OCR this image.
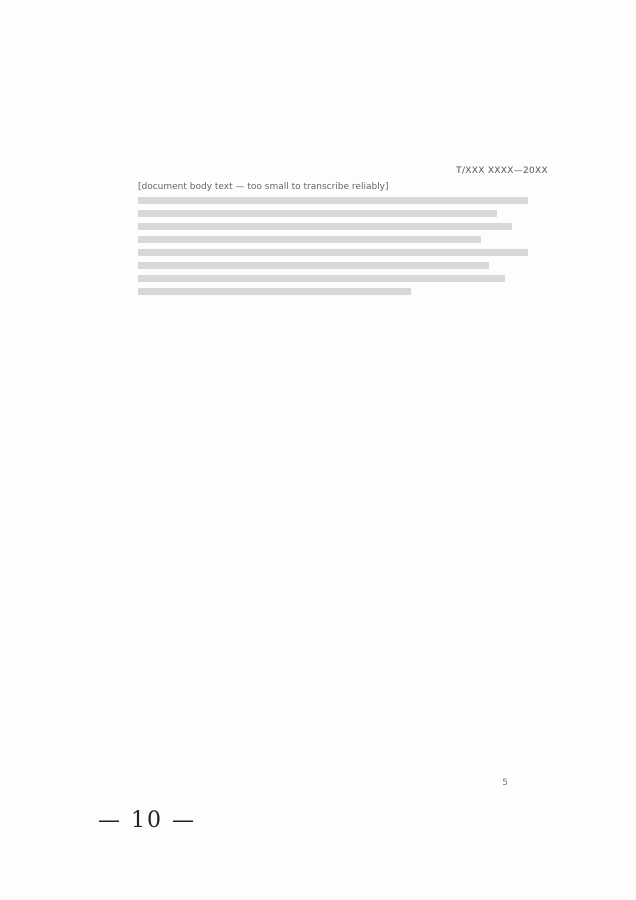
T/XXX XXXX—20XX
[document body text — too small to transcribe reliably]
5
— 10 —
